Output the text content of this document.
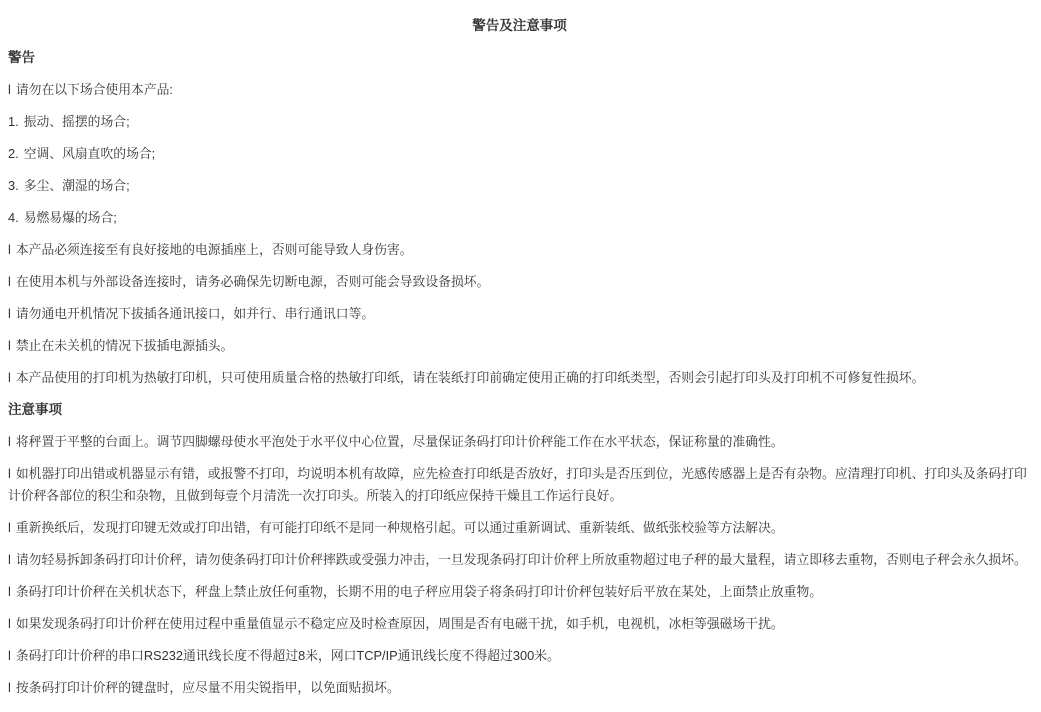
警告及注意事项
警告

l 请勿在以下场合使用本产品:

1. 振动、摇摆的场合;

2. 空调、风扇直吹的场合;

3. 多尘、潮湿的场合;

4. 易燃易爆的场合;

l 本产品必须连接至有良好接地的电源插座上，否则可能导致人身伤害。

l 在使用本机与外部设备连接时，请务必确保先切断电源，否则可能会导致设备损坏。

l 请勿通电开机情况下拔插各通讯接口，如并行、串行通讯口等。

l 禁止在未关机的情况下拔插电源插头。

l 本产品使用的打印机为热敏打印机，只可使用质量合格的热敏打印纸，请在装纸打印前确定使用正确的打印纸类型，否则会引起打印头及打印机不可修复性损坏。

注意事项

l 将秤置于平整的台面上。调节四脚螺母使水平泡处于水平仪中心位置，尽量保证条码打印计价秤能工作在水平状态，保证称量的准确性。

l 如机器打印出错或机器显示有错，或报警不打印，均说明本机有故障，应先检查打印纸是否放好，打印头是否压到位，光感传感器上是否有杂物。应清理打印机、打印头及条码打印计价秤各部位的积尘和杂物，且做到每壹个月清洗一次打印头。所装入的打印纸应保持干燥且工作运行良好。

l 重新换纸后，发现打印键无效或打印出错，有可能打印纸不是同一种规格引起。可以通过重新调试、重新装纸、做纸张校验等方法解决。

l 请勿轻易拆卸条码打印计价秤，请勿使条码打印计价秤摔跌或受强力冲击，一旦发现条码打印计价秤上所放重物超过电子秤的最大量程，请立即移去重物，否则电子秤会永久损坏。

l 条码打印计价秤在关机状态下，秤盘上禁止放任何重物，长期不用的电子秤应用袋子将条码打印计价秤包装好后平放在某处，上面禁止放重物。

l 如果发现条码打印计价秤在使用过程中重量值显示不稳定应及时检查原因，周围是否有电磁干扰，如手机，电视机，冰柜等强磁场干扰。

l 条码打印计价秤的串口RS232通讯线长度不得超过8米，网口TCP/IP通讯线长度不得超过300米。

l 按条码打印计价秤的键盘时，应尽量不用尖锐指甲，以免面贴损坏。
